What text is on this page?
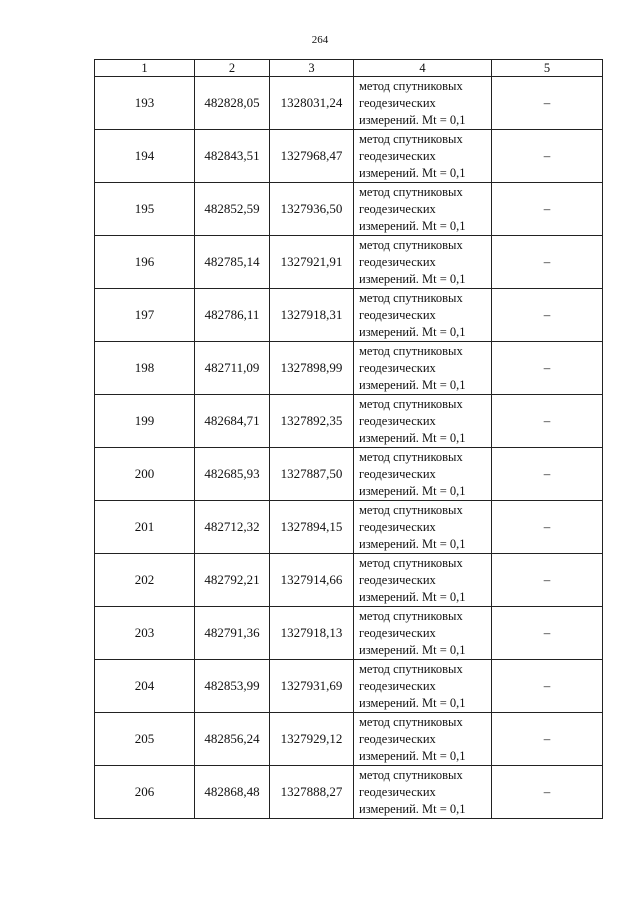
264
1	2	3	4	5
193	482828,05	1328031,24	метод спутниковых
геодезических
измерений. Mt = 0,1	–
194	482843,51	1327968,47	метод спутниковых
геодезических
измерений. Mt = 0,1	–
195	482852,59	1327936,50	метод спутниковых
геодезических
измерений. Mt = 0,1	–
196	482785,14	1327921,91	метод спутниковых
геодезических
измерений. Mt = 0,1	–
197	482786,11	1327918,31	метод спутниковых
геодезических
измерений. Mt = 0,1	–
198	482711,09	1327898,99	метод спутниковых
геодезических
измерений. Mt = 0,1	–
199	482684,71	1327892,35	метод спутниковых
геодезических
измерений. Mt = 0,1	–
200	482685,93	1327887,50	метод спутниковых
геодезических
измерений. Mt = 0,1	–
201	482712,32	1327894,15	метод спутниковых
геодезических
измерений. Mt = 0,1	–
202	482792,21	1327914,66	метод спутниковых
геодезических
измерений. Mt = 0,1	–
203	482791,36	1327918,13	метод спутниковых
геодезических
измерений. Mt = 0,1	–
204	482853,99	1327931,69	метод спутниковых
геодезических
измерений. Mt = 0,1	–
205	482856,24	1327929,12	метод спутниковых
геодезических
измерений. Mt = 0,1	–
206	482868,48	1327888,27	метод спутниковых
геодезических
измерений. Mt = 0,1	–
